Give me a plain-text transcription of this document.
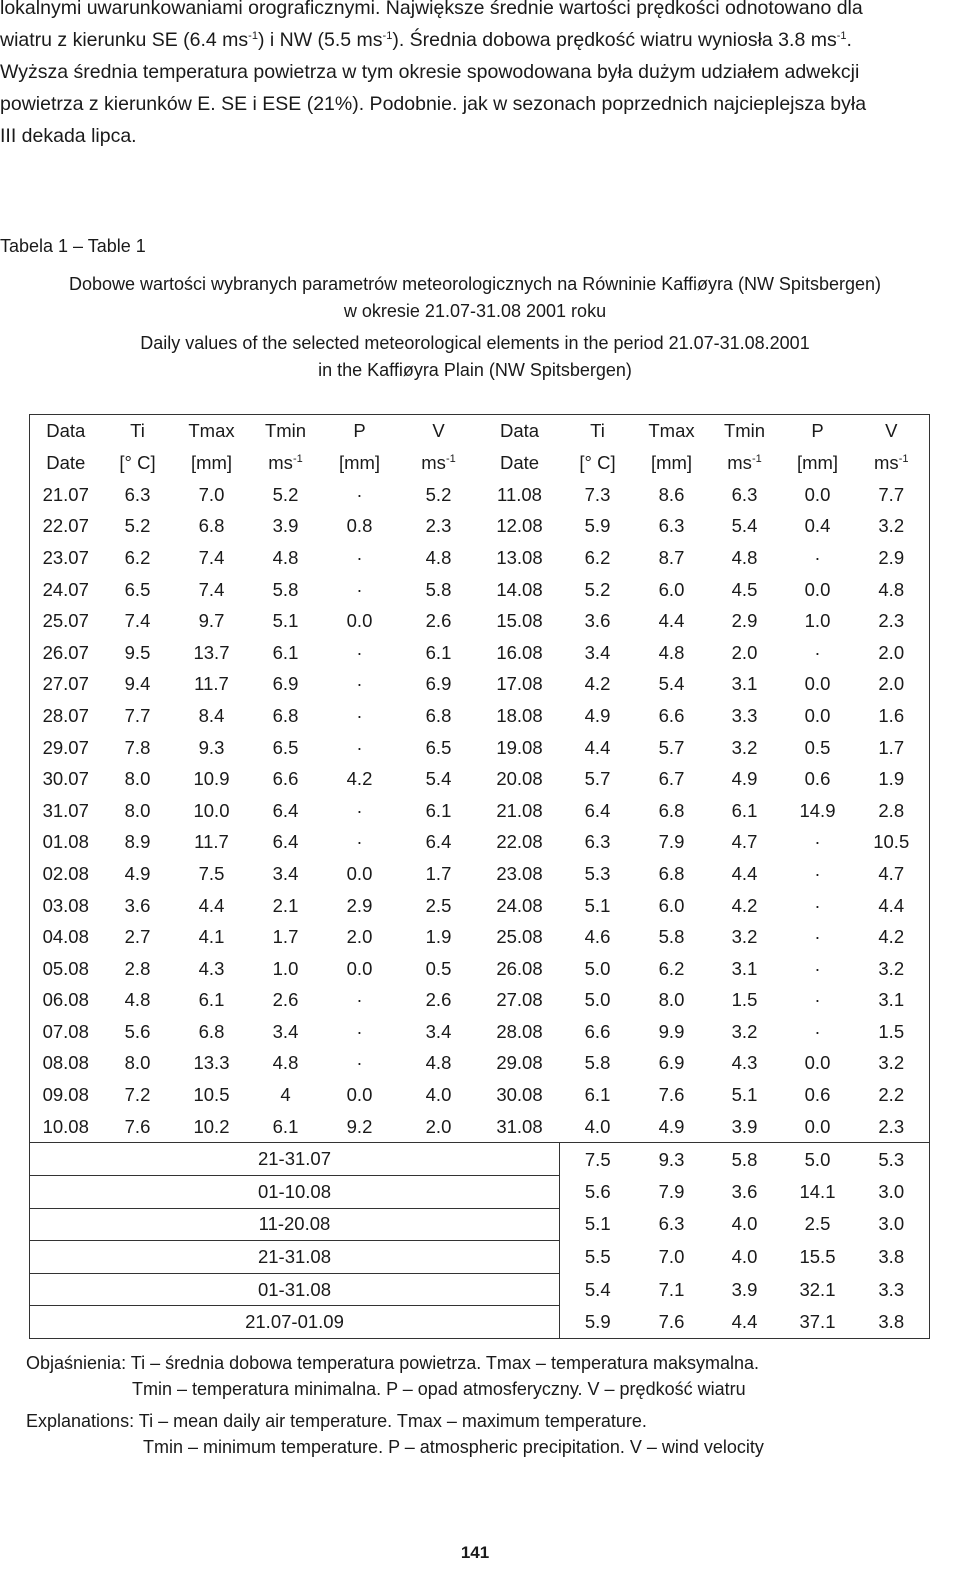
lokalnymi uwarunkowaniami orograficznymi. Największe średnie wartości prędkości odnotowano dla
wiatru z kierunku SE (6.4 $ms^{-1}$) i NW (5.5 $ms^{-1}$). Średnia dobowa prędkość wiatru wyniosła 3.8 $ms^{-1}$.
Wyższa średnia temperatura powietrza w tym okresie spowodowana była dużym udziałem adwekcji
powietrza z kierunków E. SE i ESE (21%). Podobnie. jak w sezonach poprzednich najcieplejsza była
III dekada lipca.

Tabela 1 – Table 1

Dobowe wartości wybranych parametrów meteorologicznych na Równinie Kaffiøyra (NW Spitsbergen)
w okresie 21.07-31.08 2001 roku
Daily values of the selected meteorological elements in the period 21.07-31.08.2001
in the Kaffiøyra Plain (NW Spitsbergen)
Data	Ti	Tmax	Tmin	P	V	Data	Ti	Tmax	Tmin	P	V
Date	[° C]	[mm]	$ms^{-1}$	[mm]	$ms^{-1}$	Date	[° C]	[mm]	$ms^{-1}$	[mm]	$ms^{-1}$
21.07	6.3	7.0	5.2	·	5.2	11.08	7.3	8.6	6.3	0.0	7.7
22.07	5.2	6.8	3.9	0.8	2.3	12.08	5.9	6.3	5.4	0.4	3.2
23.07	6.2	7.4	4.8	·	4.8	13.08	6.2	8.7	4.8	·	2.9
24.07	6.5	7.4	5.8	·	5.8	14.08	5.2	6.0	4.5	0.0	4.8
25.07	7.4	9.7	5.1	0.0	2.6	15.08	3.6	4.4	2.9	1.0	2.3
26.07	9.5	13.7	6.1	·	6.1	16.08	3.4	4.8	2.0	·	2.0
27.07	9.4	11.7	6.9	·	6.9	17.08	4.2	5.4	3.1	0.0	2.0
28.07	7.7	8.4	6.8	·	6.8	18.08	4.9	6.6	3.3	0.0	1.6
29.07	7.8	9.3	6.5	·	6.5	19.08	4.4	5.7	3.2	0.5	1.7
30.07	8.0	10.9	6.6	4.2	5.4	20.08	5.7	6.7	4.9	0.6	1.9
31.07	8.0	10.0	6.4	·	6.1	21.08	6.4	6.8	6.1	14.9	2.8
01.08	8.9	11.7	6.4	·	6.4	22.08	6.3	7.9	4.7	·	10.5
02.08	4.9	7.5	3.4	0.0	1.7	23.08	5.3	6.8	4.4	·	4.7
03.08	3.6	4.4	2.1	2.9	2.5	24.08	5.1	6.0	4.2	·	4.4
04.08	2.7	4.1	1.7	2.0	1.9	25.08	4.6	5.8	3.2	·	4.2
05.08	2.8	4.3	1.0	0.0	0.5	26.08	5.0	6.2	3.1	·	3.2
06.08	4.8	6.1	2.6	·	2.6	27.08	5.0	8.0	1.5	·	3.1
07.08	5.6	6.8	3.4	·	3.4	28.08	6.6	9.9	3.2	·	1.5
08.08	8.0	13.3	4.8	·	4.8	29.08	5.8	6.9	4.3	0.0	3.2
09.08	7.2	10.5	4	0.0	4.0	30.08	6.1	7.6	5.1	0.6	2.2
10.08	7.6	10.2	6.1	9.2	2.0	31.08	4.0	4.9	3.9	0.0	2.3
21-31.07							7.5	9.3	5.8	5.0	5.3
01-10.08							5.6	7.9	3.6	14.1	3.0
11-20.08							5.1	6.3	4.0	2.5	3.0
21-31.08							5.5	7.0	4.0	15.5	3.8
01-31.08							5.4	7.1	3.9	32.1	3.3
21.07-01.09							5.9	7.6	4.4	37.1	3.8
Objaśnienia: Ti – średnia dobowa temperatura powietrza. Tmax – temperatura maksymalna.
Tmin – temperatura minimalna. P – opad atmosferyczny. V – prędkość wiatru
Explanations: Ti – mean daily air temperature. Tmax – maximum temperature.
Tmin – minimum temperature. P – atmospheric precipitation. V – wind velocity
141
